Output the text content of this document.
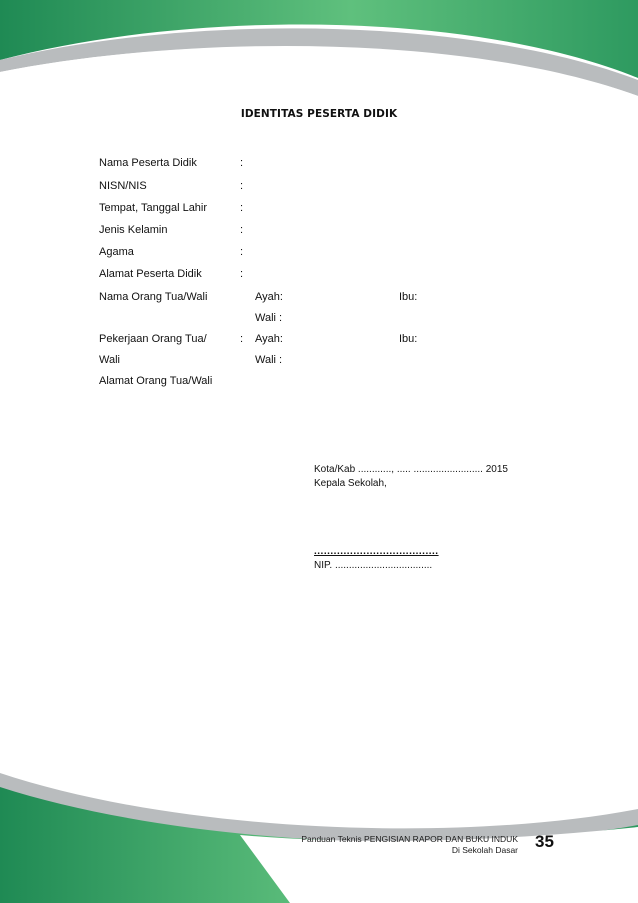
IDENTITAS PESERTA DIDIK
Nama Peserta Didik	:
NISN/NIS	:
Tempat, Tanggal Lahir	:
Jenis Kelamin	:
Agama	:
Alamat Peserta Didik	:
Nama Orang Tua/Wali	Ayah:	Ibu:
Wali :
Pekerjaan Orang Tua/	: Ayah:	Ibu:
Wali	Wali :
Alamat Orang Tua/Wali
Kota/Kab ............, ..... ......................... 2015
Kepala Sekolah,
......................................
NIP. ...................................
Panduan Teknis PENGISIAN RAPOR DAN BUKU INDUK
Di Sekolah Dasar 35
